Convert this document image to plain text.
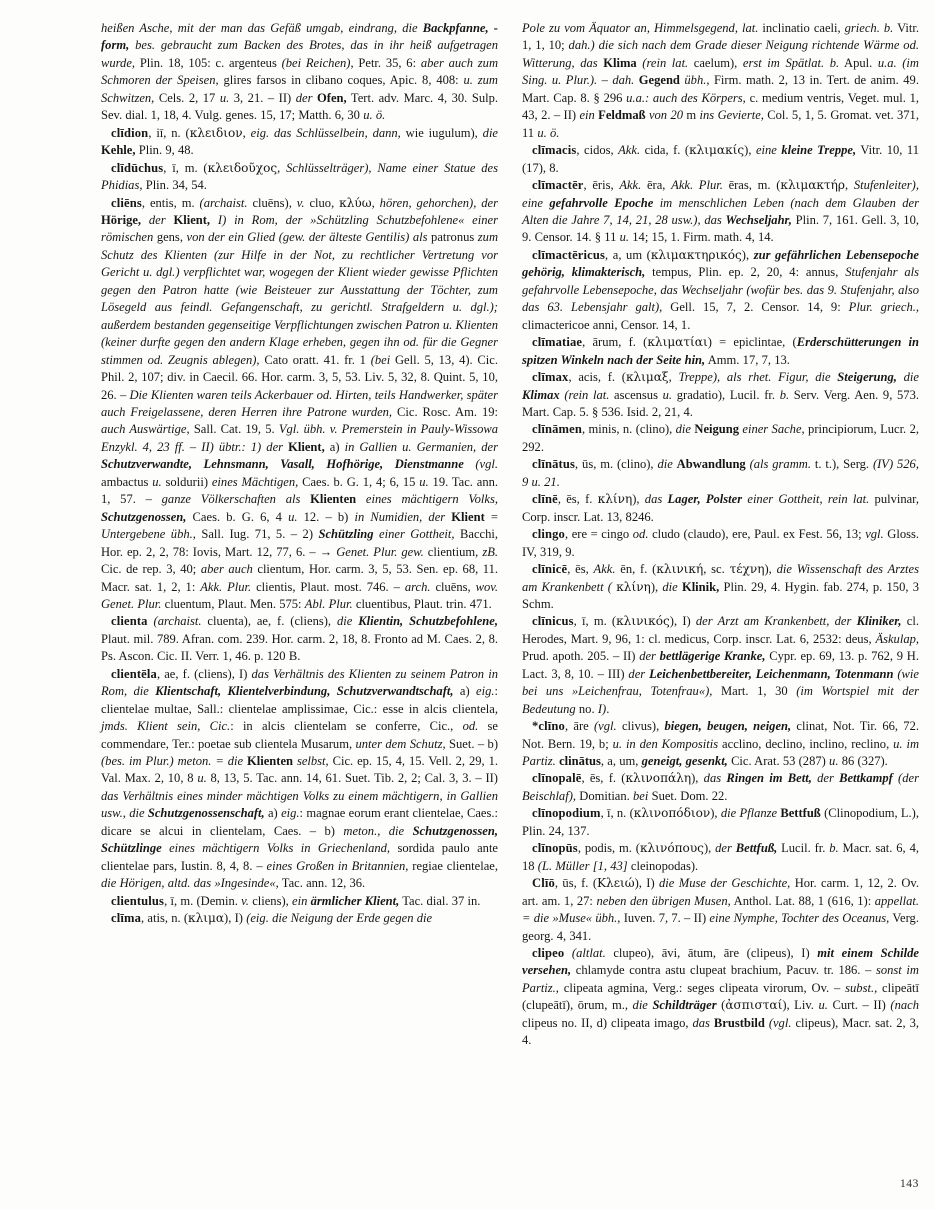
heißen Asche, mit der man das Gefäß umgab, eindrang, die Backpfanne, -form, bes. gebraucht zum Backen des Brotes, das in ihr heiß aufgetragen wurde, Plin. 18, 105: c. argenteus (bei Reichen), Petr. 35, 6: aber auch zum Schmoren der Speisen, glires farsos in clibano coques, Apic. 8, 408: u. zum Schwitzen, Cels. 2, 17 u. 3, 21. – II) der Ofen, Tert. adv. Marc. 4, 30. Sulp. Sev. dial. 1, 18, 4. Vulg. genes. 15, 17; Matth. 6, 30 u. ö.

clīdion, iī, n. (κλειδιον, eig. das Schlüsselbein, dann, wie iugulum), die Kehle, Plin. 9, 48.

clīdūchus, ī, m. (κλειδοῦχος, Schlüsselträger), Name einer Statue des Phidias, Plin. 34, 54.

cliēns, entis, m. (archaist. cluēns), v. cluo, κλύω, hören, gehorchen), der Hörige, der Klient, I) in Rom, der »Schützling Schutzbefohlene« einer römischen gens, von der ein Glied (gew. der älteste Gentilis) als patronus zum Schutz des Klienten (zur Hilfe in der Not, zu rechtlicher Vertretung vor Gericht u. dgl.) verpflichtet war, wogegen der Klient wieder gewisse Pflichten gegen den Patron hatte (wie Beisteuer zur Ausstattung der Töchter, zum Lösegeld aus feindl. Gefangenschaft, zu gerichtl. Strafgeldern u. dgl.); außerdem bestanden gegenseitige Verpflichtungen zwischen Patron u. Klienten (keiner durfte gegen den andern Klage erheben, gegen ihn od. für die Gegner stimmen od. Zeugnis ablegen), Cato oratt. 41. fr. 1 (bei Gell. 5, 13, 4). Cic. Phil. 2, 107; div. in Caecil. 66. Hor. carm. 3, 5, 53. Liv. 5, 32, 8. Quint. 5, 10, 26. – Die Klienten waren teils Ackerbauer od. Hirten, teils Handwerker, später auch Freigelassene, deren Herren ihre Patrone wurden, Cic. Rosc. Am. 19: auch Auswärtige, Sall. Cat. 19, 5. Vgl. übh. v. Premerstein in Pauly-Wissowa Enzykl. 4, 23 ff. – II) übtr.: 1) der Klient, a) in Gallien u. Germanien, der Schutzverwandte, Lehnsmann, Vasall, Hofhörige, Dienstmanne (vgl. ambactus u. soldurii) eines Mächtigen, Caes. b. G. 1, 4; 6, 15 u. 19. Tac. ann. 1, 57. – ganze Völkerschaften als Klienten eines mächtigern Volks, Schutzgenossen, Caes. b. G. 6, 4 u. 12. – b) in Numidien, der Klient = Untergebene übh., Sall. Iug. 71, 5. – 2) Schützling einer Gottheit, Bacchi, Hor. ep. 2, 2, 78: Iovis, Mart. 12, 77, 6. – → Genet. Plur. gew. clientium, zB. Cic. de rep. 3, 40; aber auch clientum, Hor. carm. 3, 5, 53. Sen. ep. 68, 11. Macr. sat. 1, 2, 1: Akk. Plur. clientis, Plaut. most. 746. – arch. cluēns, wov. Genet. Plur. cluentum, Plaut. Men. 575: Abl. Plur. cluentibus, Plaut. trin. 471.

clienta (archaist. cluenta), ae, f. (cliens), die Klientin, Schutzbefohlene, Plaut. mil. 789. Afran. com. 239. Hor. carm. 2, 18, 8. Fronto ad M. Caes. 2, 8. Ps. Ascon. Cic. II. Verr. 1, 46. p. 120 B.

clientēla, ae, f. (cliens), I) das Verhältnis des Klienten zu seinem Patron in Rom, die Klientschaft, Klientelverbindung, Schutzverwandtschaft, a) eig.: clientelae multae, Sall.: clientelae amplissimae, Cic.: esse in alcis clientela, jmds. Klient sein, Cic.: in alcis clientelam se conferre, Cic., od. se commendare, Ter.: poetae sub clientela Musarum, unter dem Schutz, Suet. – b) (bes. im Plur.) meton. = die Klienten selbst, Cic. ep. 15, 4, 15. Vell. 2, 29, 1. Val. Max. 2, 10, 8 u. 8, 13, 5. Tac. ann. 14, 61. Suet. Tib. 2, 2; Cal. 3, 3. – II) das Verhältnis eines minder mächtigen Volks zu einem mächtigern, in Gallien usw., die Schutzgenossenschaft, a) eig.: magnae eorum erant clientelae, Caes.: dicare se alcui in clientelam, Caes. – b) meton., die Schutzgenossen, Schützlinge eines mächtigern Volks in Griechenland, sordida paulo ante clientelae pars, Iustin. 8, 4, 8. – eines Großen in Britannien, regiae clientelae, die Hörigen, altd. das »Ingesinde«, Tac. ann. 12, 36.

clientulus, ī, m. (Demin. v. cliens), ein ärmlicher Klient, Tac. dial. 37 in.

clīma, atis, n. (κλιμα), I) (eig. die Neigung der Erde gegen die

Pole zu vom Äquator an, Himmelsgegend, lat. inclinatio caeli, griech. b. Vitr. 1, 1, 10; dah.) die sich nach dem Grade dieser Neigung richtende Wärme od. Witterung, das Klima (rein lat. caelum), erst im Spätlat. b. Apul. u.a. (im Sing. u. Plur.). – dah. Gegend übh., Firm. math. 2, 13 in. Tert. de anim. 49. Mart. Cap. 8. § 296 u.a.: auch des Körpers, c. medium ventris, Veget. mul. 1, 43, 2. – II) ein Feldmaß von 20 m ins Gevierte, Col. 5, 1, 5. Gromat. vet. 371, 11 u. ö.

clīmacis, cidos, Akk. cida, f. (κλιμακίς), eine kleine Treppe, Vitr. 10, 11 (17), 8.

clīmactēr, ēris, Akk. ēra, Akk. Plur. ēras, m. (κλιμακτήρ, Stufenleiter), eine gefahrvolle Epoche im menschlichen Leben (nach dem Glauben der Alten die Jahre 7, 14, 21, 28 usw.), das Wechseljahr, Plin. 7, 161. Gell. 3, 10, 9. Censor. 14. § 11 u. 14; 15, 1. Firm. math. 4, 14.

clīmactēricus, a, um (κλιμακτηρικός), zur gefährlichen Lebensepoche gehörig, klimakterisch, tempus, Plin. ep. 2, 20, 4: annus, Stufenjahr als gefahrvolle Lebensepoche, das Wechseljahr (wofür bes. das 9. Stufenjahr, also das 63. Lebensjahr galt), Gell. 15, 7, 2. Censor. 14, 9: Plur. griech., climactericoe anni, Censor. 14, 1.

clīmatiae, ārum, f. (κλιματίαι) = epiclintae, (Erderschütterungen in spitzen Winkeln nach der Seite hin, Amm. 17, 7, 13.

clīmax, acis, f. (κλιμαξ, Treppe), als rhet. Figur, die Steigerung, die Klimax (rein lat. ascensus u. gradatio), Lucil. fr. b. Serv. Verg. Aen. 9, 573. Mart. Cap. 5. § 536. Isid. 2, 21, 4.

clīnāmen, minis, n. (clino), die Neigung einer Sache, principiorum, Lucr. 2, 292.

clīnātus, ūs, m. (clino), die Abwandlung (als gramm. t. t.), Serg. (IV) 526, 9 u. 21.

clīnē, ēs, f. κλίνη), das Lager, Polster einer Gottheit, rein lat. pulvinar, Corp. inscr. Lat. 13, 8246.

clingo, ere = cingo od. cludo (claudo), ere, Paul. ex Fest. 56, 13; vgl. Gloss. IV, 319, 9.

clīnicē, ēs, Akk. ēn, f. (κλινική, sc. τέχνη), die Wissenschaft des Arztes am Krankenbett ( κλίνη), die Klinik, Plin. 29, 4. Hygin. fab. 274, p. 150, 3 Schm.

clīnicus, ī, m. (κλινικός), I) der Arzt am Krankenbett, der Kliniker, cl. Herodes, Mart. 9, 96, 1: cl. medicus, Corp. inscr. Lat. 6, 2532: deus, Äskulap, Prud. apoth. 205. – II) der bettlägerige Kranke, Cypr. ep. 69, 13. p. 762, 9 H. Lact. 3, 8, 10. – III) der Leichenbettbereiter, Leichenmann, Totenmann (wie bei uns »Leichenfrau, Totenfrau«), Mart. 1, 30 (im Wortspiel mit der Bedeutung no. I).

*clīno, āre (vgl. clivus), biegen, beugen, neigen, clinat, Not. Tir. 66, 72. Not. Bern. 19, b; u. in den Kompositis acclino, declino, inclino, reclino, u. im Partiz. clinātus, a, um, geneigt, gesenkt, Cic. Arat. 53 (287) u. 86 (327).

clīnopalē, ēs, f. (κλινοπάλη), das Ringen im Bett, der Bettkampf (der Beischlaf), Domitian. bei Suet. Dom. 22.

clīnopodium, ī, n. (κλινοπόδιον), die Pflanze Bettfuß (Clinopodium, L.), Plin. 24, 137.

clīnopūs, podis, m. (κλινόπους), der Bettfuß, Lucil. fr. b. Macr. sat. 6, 4, 18 (L. Müller [1, 43] cleinopodas).

Clīō, ūs, f. (Κλειώ), I) die Muse der Geschichte, Hor. carm. 1, 12, 2. Ov. art. am. 1, 27: neben den übrigen Musen, Anthol. Lat. 88, 1 (616, 1): appellat. = die »Muse« übh., Iuven. 7, 7. – II) eine Nymphe, Tochter des Oceanus, Verg. georg. 4, 341.

clipeo (altlat. clupeo), āvi, ātum, āre (clipeus), I) mit einem Schilde versehen, chlamyde contra astu clupeat brachium, Pacuv. tr. 186. – sonst im Partiz., clipeata agmina, Verg.: seges clipeata virorum, Ov. – subst., clipeātī (clupeātī), ōrum, m., die Schildträger (ἀσπισταί), Liv. u. Curt. – II) (nach clipeus no. II, d) clipeata imago, das Brustbild (vgl. clipeus), Macr. sat. 2, 3, 4.

143
